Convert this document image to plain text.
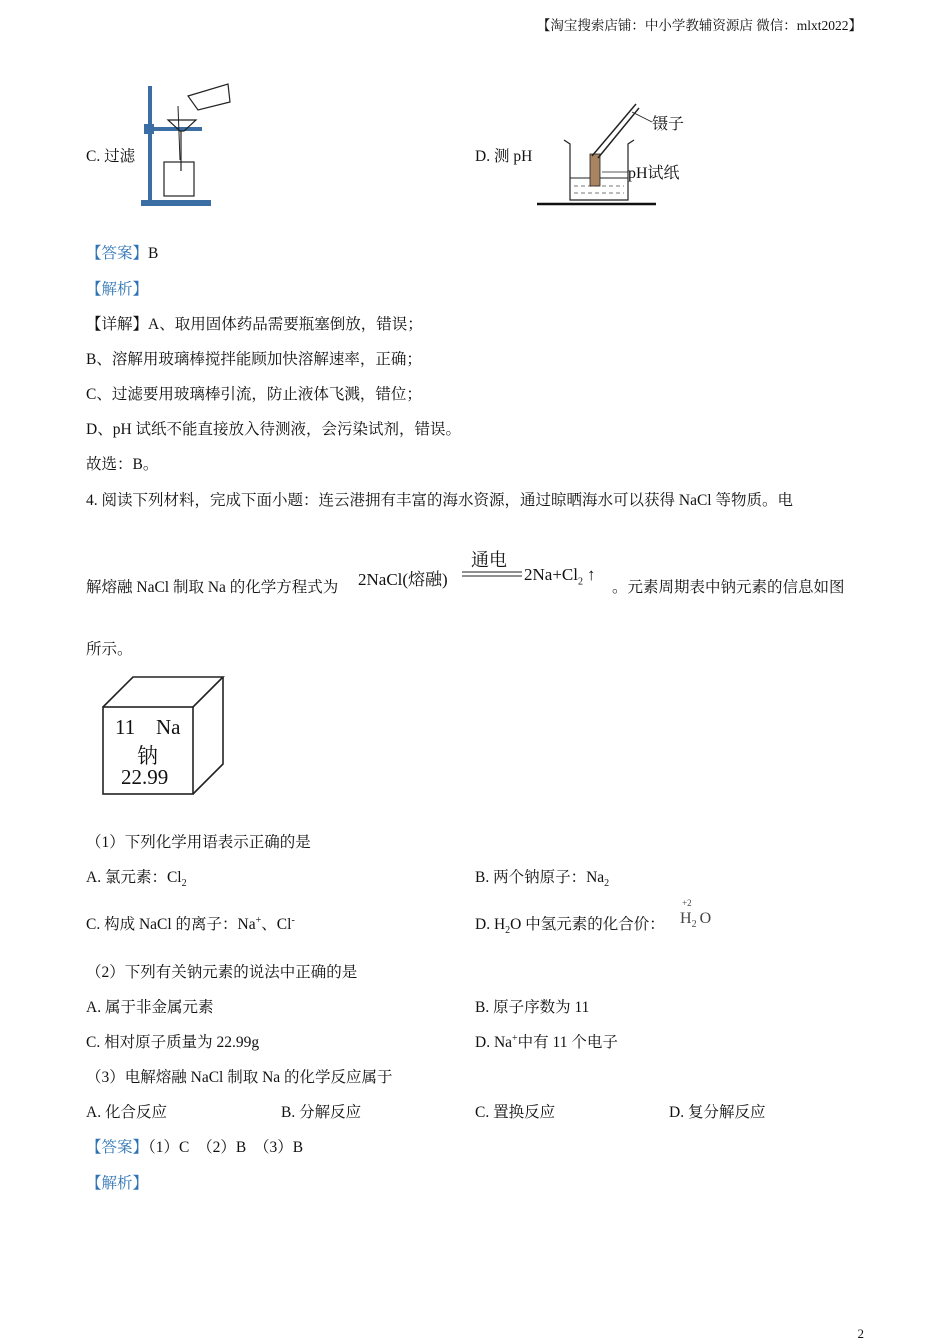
【淘宝搜索店铺：中小学教辅资源店 微信：mlxt2022】
C. 过滤
镊子
pH试纸
D. 测 pH
【答案】B
【解析】
【详解】A、取用固体药品需要瓶塞倒放，错误；
B、溶解用玻璃棒搅拌能顾加快溶解速率，正确；
C、过滤要用玻璃棒引流，防止液体飞溅，错位；
D、pH 试纸不能直接放入待测液，会污染试剂，错误。
故选：B。
4. 阅读下列材料，完成下面小题：连云港拥有丰富的海水资源，通过晾晒海水可以获得 NaCl 等物质。电
解熔融 NaCl 制取 Na 的化学方程式为 2NaCl(熔融)
通电
$2Na+Cl_2$ ↑
。元素周期表中钠元素的信息如图
所示。
11 Na
钠
22.99
（1）下列化学用语表示正确的是
A. 氯元素：$Cl_2$	B. 两个钠原子：$Na_2$
C. 构成 NaCl 的离子：Na+、Cl-	D. $H_2O$ 中氢元素的化合价：
+2
$H_2$ O
（2）下列有关钠元素的说法中正确的是
A. 属于非金属元素	B. 原子序数为 11
C. 相对原子质量为 22.99g	D. Na+中有 11 个电子
（3）电解熔融 NaCl 制取 Na 的化学反应属于
A. 化合反应	B. 分解反应	C. 置换反应	D. 复分解反应
【答案】（1）C　（2）B　（3）B
【解析】
2
